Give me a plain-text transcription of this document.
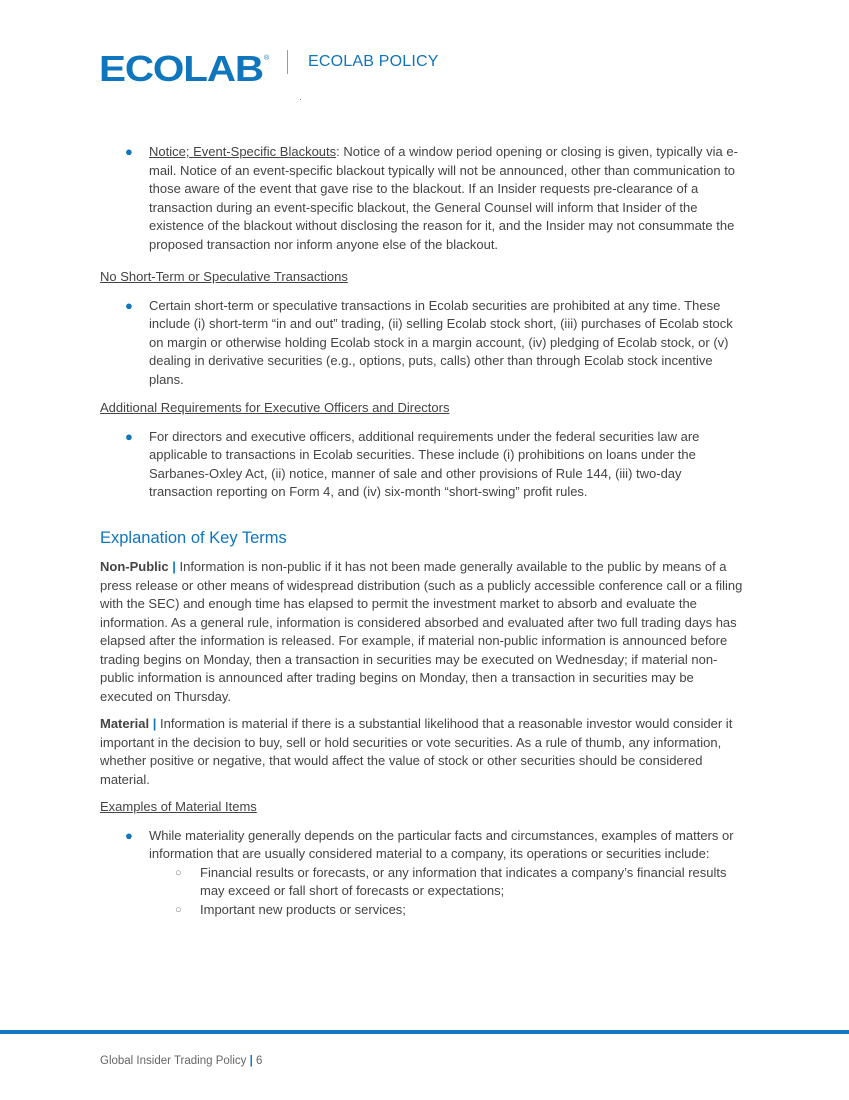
ECOLAB ® ECOLAB POLICY
● Notice; Event-Specific Blackouts: Notice of a window period opening or closing is given, typically via e-mail. Notice of an event-specific blackout typically will not be announced, other than communication to those aware of the event that gave rise to the blackout. If an Insider requests pre-clearance of a transaction during an event-specific blackout, the General Counsel will inform that Insider of the existence of the blackout without disclosing the reason for it, and the Insider may not consummate the proposed transaction nor inform anyone else of the blackout.
No Short-Term or Speculative Transactions
● Certain short-term or speculative transactions in Ecolab securities are prohibited at any time. These include (i) short-term “in and out” trading, (ii) selling Ecolab stock short, (iii) purchases of Ecolab stock on margin or otherwise holding Ecolab stock in a margin account, (iv) pledging of Ecolab stock, or (v) dealing in derivative securities (e.g., options, puts, calls) other than through Ecolab stock incentive plans.
Additional Requirements for Executive Officers and Directors
● For directors and executive officers, additional requirements under the federal securities law are applicable to transactions in Ecolab securities. These include (i) prohibitions on loans under the Sarbanes-Oxley Act, (ii) notice, manner of sale and other provisions of Rule 144, (iii) two-day transaction reporting on Form 4, and (iv) six-month “short-swing” profit rules.
Explanation of Key Terms

Non-Public | Information is non-public if it has not been made generally available to the public by means of a press release or other means of widespread distribution (such as a publicly accessible conference call or a filing with the SEC) and enough time has elapsed to permit the investment market to absorb and evaluate the information. As a general rule, information is considered absorbed and evaluated after two full trading days has elapsed after the information is released. For example, if material non-public information is announced before trading begins on Monday, then a transaction in securities may be executed on Wednesday; if material non-public information is announced after trading begins on Monday, then a transaction in securities may be executed on Thursday.

Material | Information is material if there is a substantial likelihood that a reasonable investor would consider it important in the decision to buy, sell or hold securities or vote securities. As a rule of thumb, any information, whether positive or negative, that would affect the value of stock or other securities should be considered material.

Examples of Material Items
● While materiality generally depends on the particular facts and circumstances, examples of matters or information that are usually considered material to a company, its operations or securities include:
○ Financial results or forecasts, or any information that indicates a company’s financial results may exceed or fall short of forecasts or expectations;
○ Important new products or services;
Global Insider Trading Policy | 6
